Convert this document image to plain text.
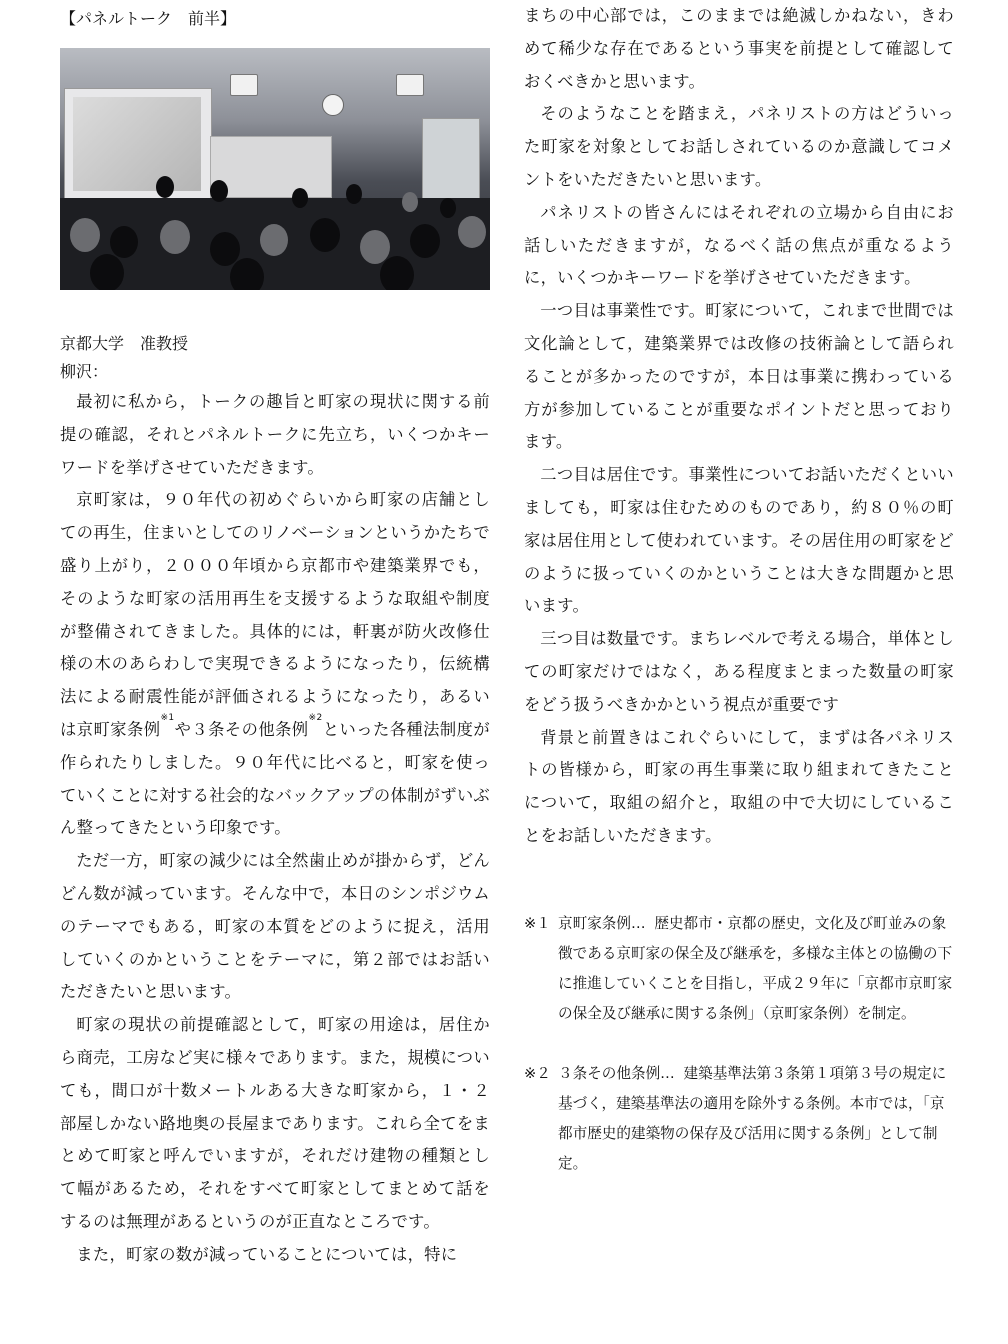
【パネルトーク　前半】
京都大学　准教授
柳沢：

最初に私から，トークの趣旨と町家の現状に関する前提の確認，それとパネルトークに先立ち，いくつかキーワードを挙げさせていただきます。

京町家は，９０年代の初めぐらいから町家の店舗としての再生，住まいとしてのリノベーションというかたちで盛り上がり，２０００年頃から京都市や建築業界でも，そのような町家の活用再生を支援するような取組や制度が整備されてきました。具体的には，軒裏が防火改修仕様の木のあらわしで実現できるようになったり，伝統構法による耐震性能が評価されるようになったり，あるいは京町家条例$^{※1}$や３条その他条例$^{※2}$といった各種法制度が作られたりしました。９０年代に比べると，町家を使っていくことに対する社会的なバックアップの体制がずいぶん整ってきたという印象です。

ただ一方，町家の減少には全然歯止めが掛からず，どんどん数が減っています。そんな中で，本日のシンポジウムのテーマでもある，町家の本質をどのように捉え，活用していくのかということをテーマに，第２部ではお話いただきたいと思います。

町家の現状の前提確認として，町家の用途は，居住から商売，工房など実に様々であります。また，規模についても，間口が十数メートルある大きな町家から，１・２部屋しかない路地奥の長屋まであります。これら全てをまとめて町家と呼んでいますが，それだけ建物の種類として幅があるため，それをすべて町家としてまとめて話をするのは無理があるというのが正直なところです。

また，町家の数が減っていることについては，特に

まちの中心部では，このままでは絶滅しかねない，きわめて稀少な存在であるという事実を前提として確認しておくべきかと思います。

そのようなことを踏まえ，パネリストの方はどういった町家を対象としてお話しされているのか意識してコメントをいただきたいと思います。

パネリストの皆さんにはそれぞれの立場から自由にお話しいただきますが，なるべく話の焦点が重なるように，いくつかキーワードを挙げさせていただきます。

一つ目は事業性です。町家について，これまで世間では文化論として，建築業界では改修の技術論として語られることが多かったのですが，本日は事業に携わっている方が参加していることが重要なポイントだと思っております。

二つ目は居住です。事業性についてお話いただくといいましても，町家は住むためのものであり，約８０％の町家は居住用として使われています。その居住用の町家をどのように扱っていくのかということは大きな問題かと思います。

三つ目は数量です。まちレベルで考える場合，単体としての町家だけではなく，ある程度まとまった数量の町家をどう扱うべきかかという視点が重要です

背景と前置きはこれぐらいにして，まずは各パネリストの皆様から，町家の再生事業に取り組まれてきたことについて，取組の紹介と，取組の中で大切にしていることをお話しいただきます。

※１ 京町家条例… 歴史都市・京都の歴史，文化及び町並みの象徴である京町家の保全及び継承を，多様な主体との協働の下に推進していくことを目指し，平成２９年に「京都市京町家の保全及び継承に関する条例」（京町家条例）を制定。
※２ ３条その他条例… 建築基準法第３条第１項第３号の規定に基づく，建築基準法の適用を除外する条例。本市では，「京都市歴史的建築物の保存及び活用に関する条例」として制定。
